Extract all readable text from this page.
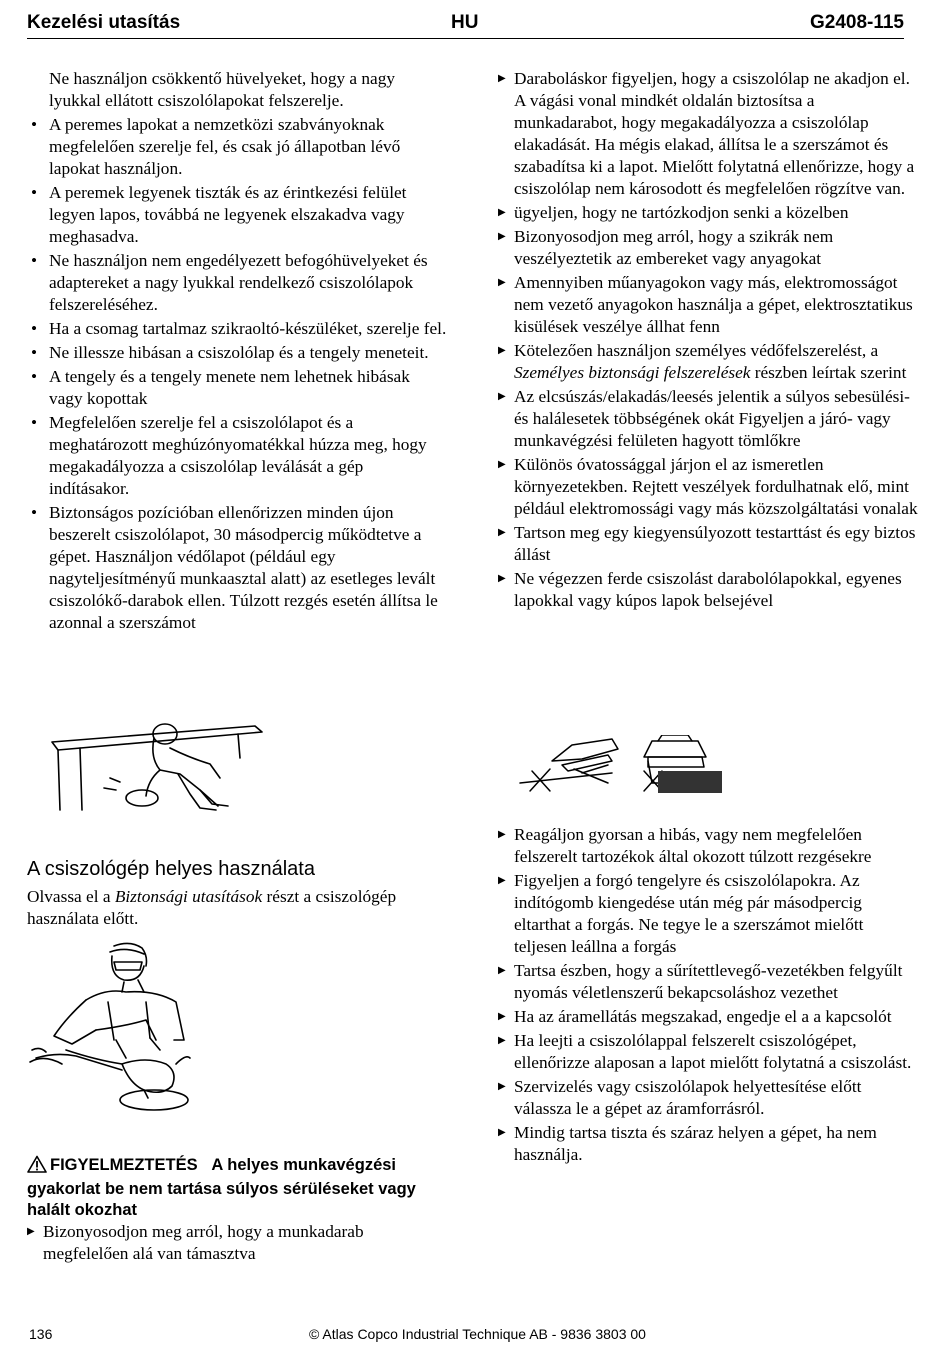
Kezelési utasítás	HU	G2408-115

Ne használjon csökkentő hüvelyeket, hogy a nagy lyukkal ellátott csiszolólapokat felszerelje.

• A peremes lapokat a nemzetközi szabványoknak megfelelően szerelje fel, és csak jó állapotban lévő lapokat használjon.
• A peremek legyenek tiszták és az érintkezési felület legyen lapos, továbbá ne legyenek elszakadva vagy meghasadva.
• Ne használjon nem engedélyezett befogóhüvelyeket és adaptereket a nagy lyukkal rendelkező csiszolólapok felszereléséhez.
• Ha a csomag tartalmaz szikraoltó-készüléket, szerelje fel.
• Ne illessze hibásan a csiszolólap és a tengely meneteit.
• A tengely és a tengely menete nem lehetnek hibásak vagy kopottak
• Megfelelően szerelje fel a csiszolólapot és a meghatározott meghúzónyomatékkal húzza meg, hogy megakadályozza a csiszolólap leválását a gép indításakor.
• Biztonságos pozícióban ellenőrizzen minden újon beszerelt csiszolólapot, 30 másodpercig működtetve a gépet. Használjon védőlapot (például egy nagyteljesítményű munkaasztal alatt) az esetleges levált csiszolókő-darabok ellen. Túlzott rezgés esetén állítsa le azonnal a szerszámot
▶ Daraboláskor figyeljen, hogy a csiszolólap ne akadjon el. A vágási vonal mindkét oldalán biztosítsa a munkadarabot, hogy megakadályozza a csiszolólap elakadását. Ha mégis elakad, állítsa le a szerszámot és szabadítsa ki a lapot. Mielőtt folytatná ellenőrizze, hogy a csiszolólap nem károsodott és megfelelően rögzítve van.
▶ ügyeljen, hogy ne tartózkodjon senki a közelben
▶ Bizonyosodjon meg arról, hogy a szikrák nem veszélyeztetik az embereket vagy anyagokat
▶ Amennyiben műanyagokon vagy más, elektromosságot nem vezető anyagokon használja a gépet, elektrosztatikus kisülések veszélye állhat fenn
▶ Kötelezően használjon személyes védőfelszerelést, a Személyes biztonsági felszerelések részben leírtak szerint
▶ Az elcsúszás/elakadás/leesés jelentik a súlyos sebesülési- és halálesetek többségének okát Figyeljen a járó- vagy munkavégzési felületen hagyott tömlőkre
▶ Különös óvatossággal járjon el az ismeretlen környezetekben. Rejtett veszélyek fordulhatnak elő, mint például elektromossági vagy más közszolgáltatási vonalak
▶ Tartson meg egy kiegyensúlyozott testarttást és egy biztos állást
▶ Ne végezzen ferde csiszolást darabolólapokkal, egyenes lapokkal vagy kúpos lapok belsejével
A csiszológép helyes használata

Olvassa el a Biztonsági utasítások részt a csiszológép használata előtt.

FIGYELMEZTETÉS A helyes munkavégzési gyakorlat be nem tartása súlyos sérüléseket vagy halált okozhat
▶ Bizonyosodjon meg arról, hogy a munkadarab megfelelően alá van támasztva
▶ Reagáljon gyorsan a hibás, vagy nem megfelelően felszerelt tartozékok által okozott túlzott rezgésekre
▶ Figyeljen a forgó tengelyre és csiszolólapokra. Az indítógomb kiengedése után még pár másodpercig eltarthat a forgás. Ne tegye le a szerszámot mielőtt teljesen leállna a forgás
▶ Tartsa észben, hogy a sűrítettlevegő-vezetékben felgyűlt nyomás véletlenszerű bekapcsoláshoz vezethet
▶ Ha az áramellátás megszakad, engedje el a a kapcsolót
▶ Ha leejti a csiszolólappal felszerelt csiszológépet, ellenőrizze alaposan a lapot mielőtt folytatná a csiszolást.
▶ Szervizelés vagy csiszolólapok helyettesítése előtt válassza le a gépet az áramforrásról.
▶ Mindig tartsa tiszta és száraz helyen a gépet, ha nem használja.
136	© Atlas Copco Industrial Technique AB - 9836 3803 00
